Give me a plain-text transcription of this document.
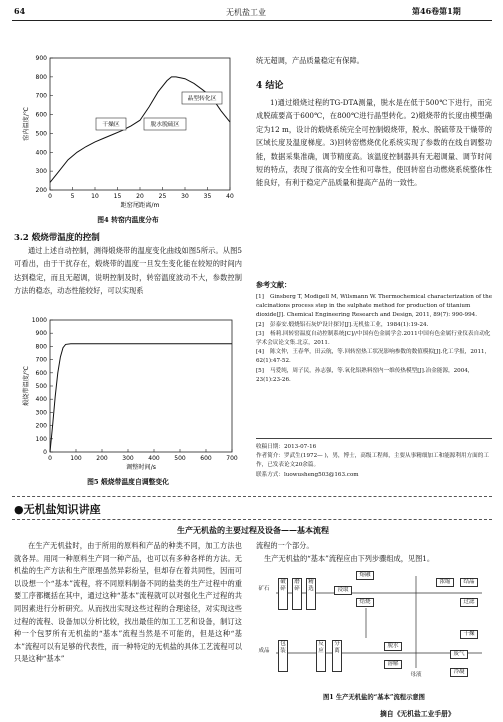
64	无机盐工业	第46卷第1期
200
300
400
500
600
700
800
900
0	5	10 15 20 25 30 35 40
距窑尾距离/m
窑内温度/℃	干燥区	脱水脱硫区
晶型转化区
图4 转窑内温度分布
3.2 煅烧带温度的控制

通过上述自动控制，测得煅烧带的温度变化曲线如图5所示。从图5可看出，由于干扰存在，煅烧带的温度一旦发生变化能在较短的时间内达到稳定，而且无超调，说明控制及时，转窑温度波动不大，参数控制方法的稳态，动态性能较好，可以实现系

0
100
200
300
400
500
600
700
800
900
1000
0	100 200 300 400 500 600 700
调整时间/s
煅烧带温度/℃
图5 煅烧带温度自调整变化

统无超调，产品质量稳定有保障。

4 结论

1)通过煅烧过程的TG-DTA测量，脱水是在低于500℃下进行，而完成脱硫要高于600℃，在800℃进行晶型转化。2)煅烧带的长度由模型确定为12 m，设计的煅烧系统完全可控制煅烧带，脱水、脱硫带及干燥带的区域长度及温度梯度。3)回转窑燃烧优化系统实现了参数的在线自调整功能，数据采集准确，调节精度高。该温度控制器具有无超调量、调节时间短的特点，表现了很高的安全性和可靠性，使回转窑自动燃烧系统整体性能良好，有利于稳定产品质量和提高产品的一致性。

参考文献：

[1] Ginsberg T, Modigell M, Wilsmann W. Thermochemical characterization of the calcinations process step in the sulphate method for production of titanium dioxide[J]. Chemical Engineering Research and Design, 2011, 89(7): 990-994.

[2] 彭泰安.煅烧铝石灰炉设计探讨[J].无机盐工业，1984(1):19-24.

[3] 杨莉.回转窑温度自动控制系统[C]//中国有色金属学会.2011中国有色金属行业仪表自动化学术会议论文集.北京，2011.

[4] 陈文仲，王春华，田云航，等.回转窑热工状况影响参数的数值模拟[J].化工学报，2011，62(1):47-52.

[5] 马爱纯，周子民，孙志强，等.氧化铝熟料窑内一维传热模型[J].冶金能源，2004，23(1):23-26.

收稿日期：2013-07-16

作者简介：罗武生(1972— )，男，博士，高级工程师，主要从事精细加工和能源利用方面的工作，已发表论文20余篇。

联系方式：luowusheng503@163.com

●无机盐知识讲座
生产无机盐的主要过程及设备——基本流程

在生产无机盐时，由于所用的原料和产品的种类不同，加工方法也就各异。用同一种原料生产同一种产品，也可以有多种各样的方法。无机盐的生产方法和生产原理虽然异彩纷呈，但却存在着共同性，因而可以设想一个“基本”流程，将不同原料制备不同的盐类的生产过程中的重要工序都概括在其中，通过这种“基本”流程就可以对强化生产过程的共同因素进行分析研究。从而找出实现这些过程的合理途径，对实现这些过程的流程、设备加以分析比较，找出最佳的加工工艺和设备，制订这种一个包罗所有无机盐的“基本”流程当然是不可能的，但是这种“基本”流程可以有足够的代表性，而一种特定的无机盐的具体工艺流程可以只是这种“基本”

流程的一个部分。

生产无机盐的“基本”流程应由下列步骤组成，见图1。

矿石
破碎
磨碎
精选	浸取
熔融
焙烧
浓缩	结晶
过滤
干燥
成品
包装
脱水
溶解
母液
废气
冷凝
反应
分离
图1 生产无机盐的“基本”流程示意图
摘自《无机盐工业手册》
